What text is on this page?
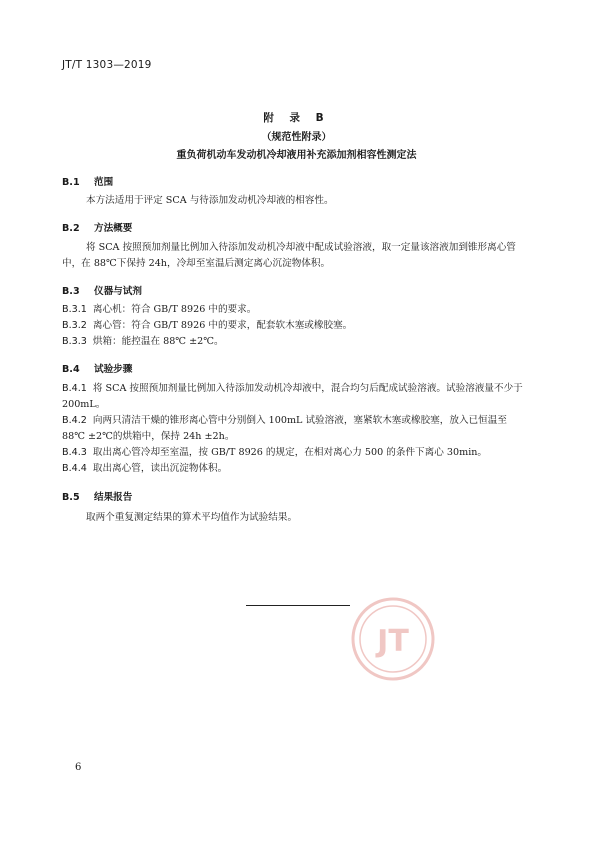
JT/T 1303—2019
附 录 B
（规范性附录）
重负荷机动车发动机冷却液用补充添加剂相容性测定法
B.1 范围
本方法适用于评定 SCA 与待添加发动机冷却液的相容性。
B.2 方法概要
将 SCA 按照预加剂量比例加入待添加发动机冷却液中配成试验溶液，取一定量该溶液加到锥形离心管中，在 88℃下保持 24h，冷却至室温后测定离心沉淀物体积。
B.3 仪器与试剂
B.3.1 离心机：符合 GB/T 8926 中的要求。
B.3.2 离心管：符合 GB/T 8926 中的要求，配套软木塞或橡胶塞。
B.3.3 烘箱：能控温在 88℃ ±2℃。
B.4 试验步骤
B.4.1 将 SCA 按照预加剂量比例加入待添加发动机冷却液中，混合均匀后配成试验溶液。试验溶液量不少于 200mL。
B.4.2 向两只清洁干燥的锥形离心管中分别倒入 100mL 试验溶液，塞紧软木塞或橡胶塞，放入已恒温至 88℃ ±2℃的烘箱中，保持 24h ±2h。
B.4.3 取出离心管冷却至室温，按 GB/T 8926 的规定，在相对离心力 500 的条件下离心 30min。
B.4.4 取出离心管，读出沉淀物体积。
B.5 结果报告
取两个重复测定结果的算术平均值作为试验结果。
JT
6
